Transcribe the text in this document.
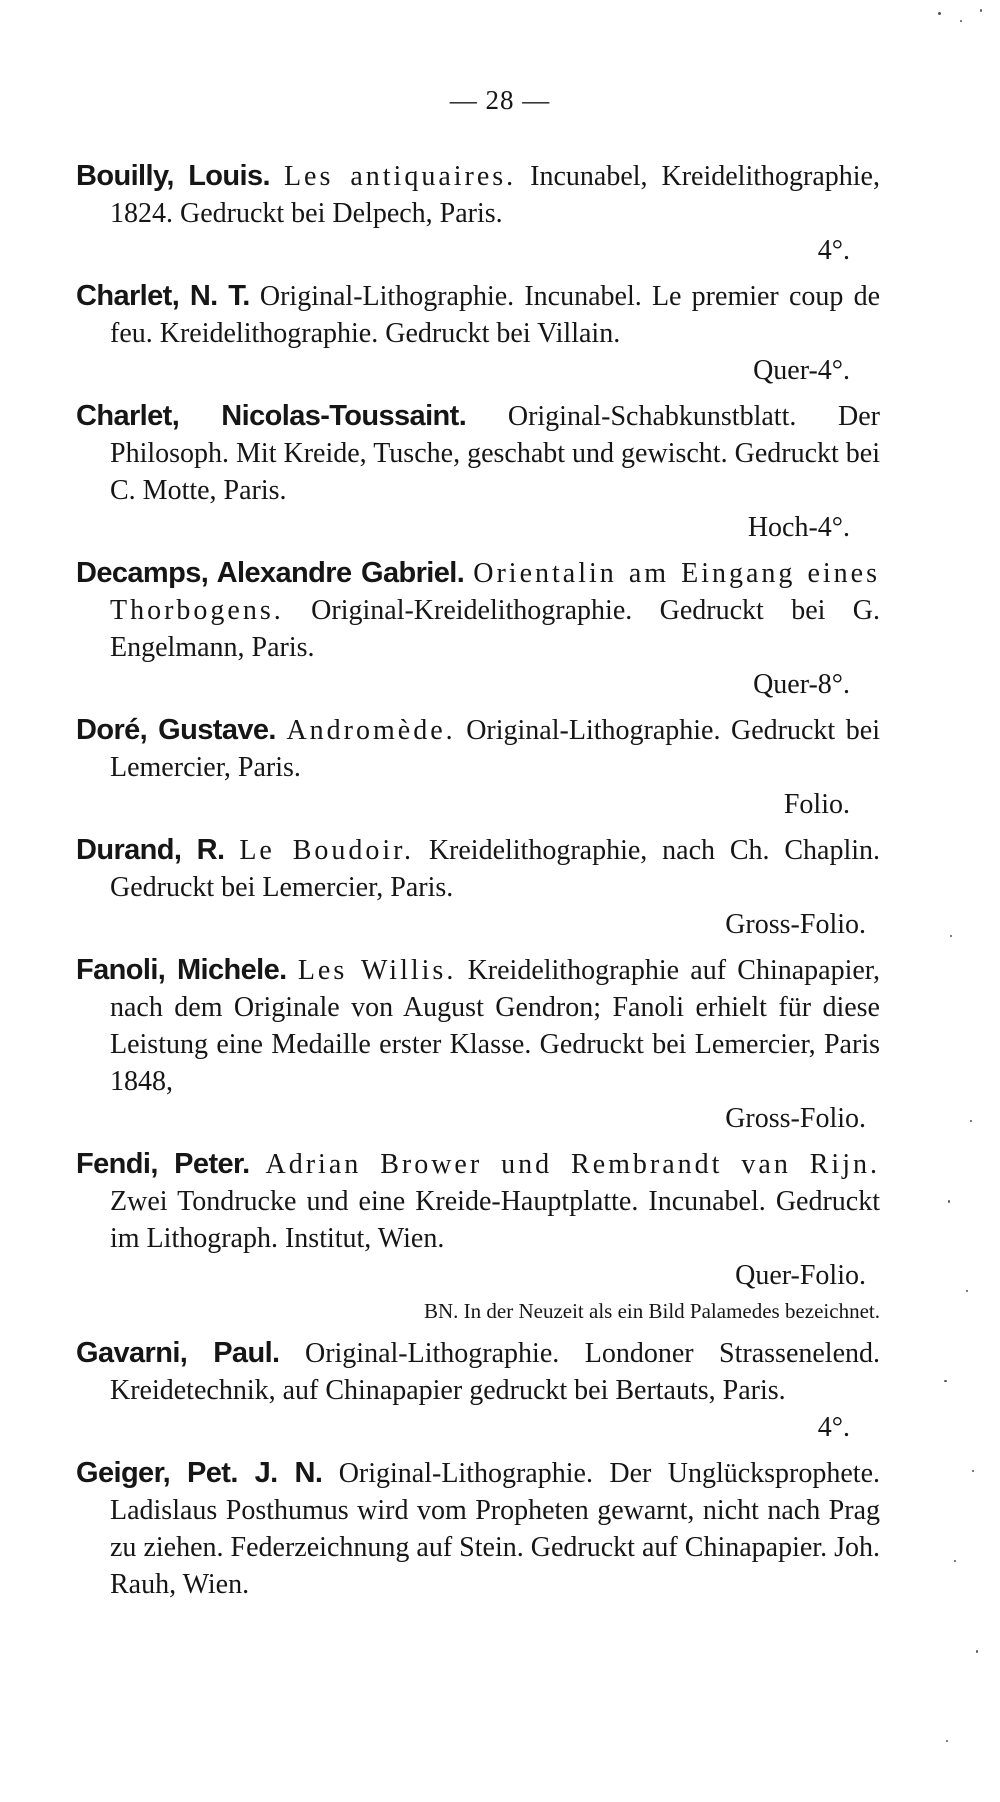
— 28 —

Bouilly, Louis. Les antiquaires. Incunabel, Kreidelithographie, 1824. Gedruckt bei Delpech, Paris.

4°.

Charlet, N. T. Original-Lithographie. Incunabel. Le premier coup de feu. Kreidelithographie. Gedruckt bei Villain.

Quer-4°.

Charlet, Nicolas-Toussaint. Original-Schabkunstblatt. Der Philosoph. Mit Kreide, Tusche, geschabt und gewischt. Gedruckt bei C. Motte, Paris.

Hoch-4°.

Decamps, Alexandre Gabriel. Orientalin am Eingang eines Thorbogens. Original-Kreidelithographie. Gedruckt bei G. Engelmann, Paris.

Quer-8°.

Doré, Gustave. Andromède. Original-Lithographie. Gedruckt bei Lemercier, Paris.

Folio.

Durand, R. Le Boudoir. Kreidelithographie, nach Ch. Chaplin. Gedruckt bei Lemercier, Paris.

Gross-Folio.

Fanoli, Michele. Les Willis. Kreidelithographie auf Chinapapier, nach dem Originale von August Gendron; Fanoli erhielt für diese Leistung eine Medaille erster Klasse. Gedruckt bei Lemercier, Paris 1848,

Gross-Folio.

Fendi, Peter. Adrian Brower und Rembrandt van Rijn. Zwei Tondrucke und eine Kreide-Hauptplatte. Incunabel. Gedruckt im Lithograph. Institut, Wien.

Quer-Folio.
BN. In der Neuzeit als ein Bild Palamedes bezeichnet.

Gavarni, Paul. Original-Lithographie. Londoner Strassenelend. Kreidetechnik, auf Chinapapier gedruckt bei Bertauts, Paris.

4°.

Geiger, Pet. J. N. Original-Lithographie. Der Unglücksprophete. Ladislaus Posthumus wird vom Propheten gewarnt, nicht nach Prag zu ziehen. Federzeichnung auf Stein. Gedruckt auf Chinapapier. Joh. Rauh, Wien.
